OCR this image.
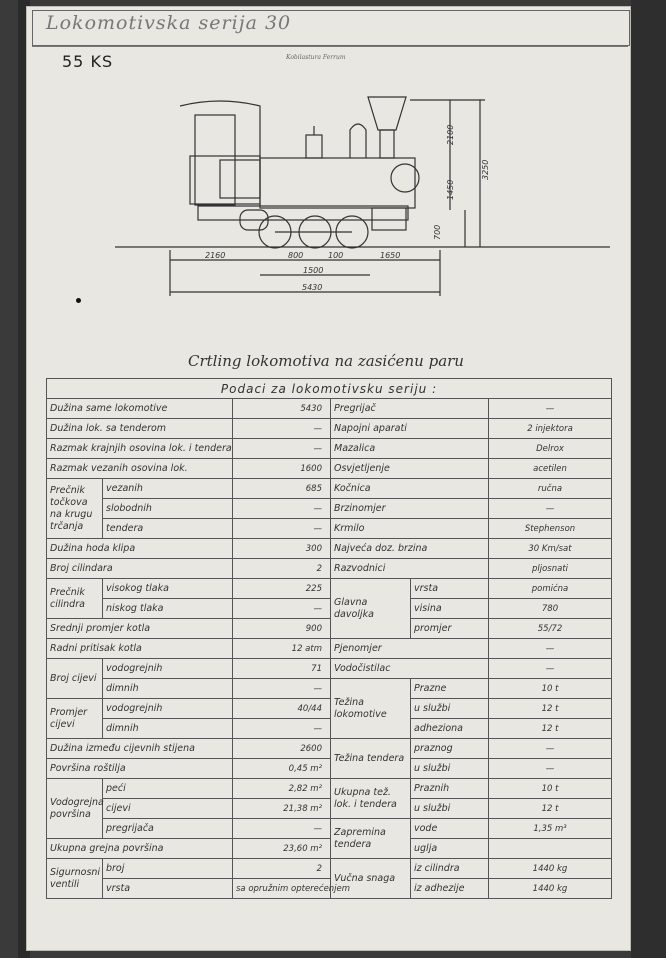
Lokomotivska serija 30
55 KS	Kobilastura Ferrum
2160	800	100	1650
1500
5430
2100
1450
700
3250
Crtling lokomotiva na zasićenu paru
Podaci za lokomotivsku seriju :					
Dužina same lokomotive		5430	Pregrijač		—
Dužina lok. sa tenderom		—	Napojni aparati		2 injektora
Razmak krajnjih osovina lok. i tendera		—	Mazalica		Delrox
Razmak vezanih osovina lok.		1600	Osvjetljenje		acetilen
Prečnik točkova na krugu trčanja	vezanih	685	Kočnica		ručna
	slobodnih	—	Brzinomjer		—
	tendera	—	Krmilo		Stephenson
Dužina hoda klipa		300	Najveća doz. brzina		30 Km/sat
Broj cilindara		2	Razvodnici		pljosnati
Prečnik cilindra	visokog tlaka	225	Glavna davoljka	vrsta	pomićna
	niskog tlaka	—		visina	780
Srednji promjer kotla		900		promjer	55/72
Radni pritisak kotla		12 atm	Pjenomjer		—
Broj cijevi	vodogrejnih	71	Vodočistilac		—
	dimnih	—	Težina lokomotive	Prazne	10 t
Promjer cijevi	vodogrejnih	40/44		u službi	12 t
	dimnih	—		adheziona	12 t
Dužina između cijevnih stijena		2600	Težina tendera	praznog	—
Površina roštilja		0,45 m²		u službi	—
Vodogrejna površina	peći	2,82 m²	Ukupna tež. lok. i tendera	Praznih	10 t
	cijevi	21,38 m²		u službi	12 t
	pregrijača	—	Zapremina tendera	vode	1,35 m³
Ukupna grejna površina		23,60 m²		uglja	
Sigurnosni ventili	broj	2	Vučna snaga	iz cilindra	1440 kg
	vrsta	sa opružnim opterećenjem		iz adhezije	1440 kg
